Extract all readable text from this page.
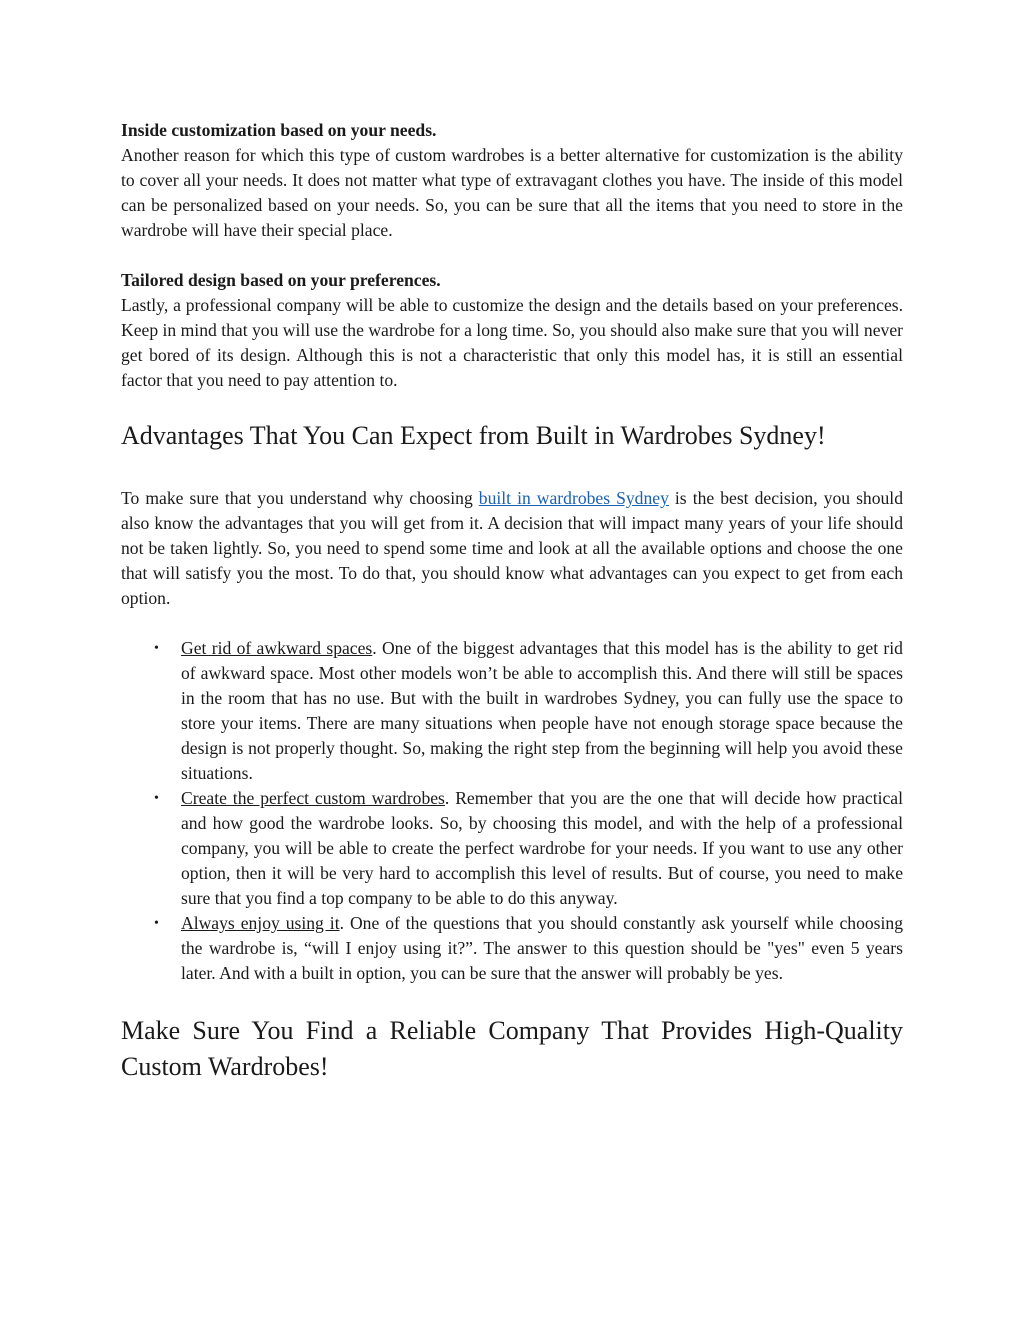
Inside customization based on your needs.

Another reason for which this type of custom wardrobes is a better alternative for customization is the ability to cover all your needs. It does not matter what type of extravagant clothes you have. The inside of this model can be personalized based on your needs. So, you can be sure that all the items that you need to store in the wardrobe will have their special place.

Tailored design based on your preferences.

Lastly, a professional company will be able to customize the design and the details based on your preferences. Keep in mind that you will use the wardrobe for a long time. So, you should also make sure that you will never get bored of its design. Although this is not a characteristic that only this model has, it is still an essential factor that you need to pay attention to.

Advantages That You Can Expect from Built in Wardrobes Sydney!

To make sure that you understand why choosing built in wardrobes Sydney is the best decision, you should also know the advantages that you will get from it. A decision that will impact many years of your life should not be taken lightly. So, you need to spend some time and look at all the available options and choose the one that will satisfy you the most. To do that, you should know what advantages can you expect to get from each option.

• Get rid of awkward spaces. One of the biggest advantages that this model has is the ability to get rid of awkward space. Most other models won’t be able to accomplish this. And there will still be spaces in the room that has no use. But with the built in wardrobes Sydney, you can fully use the space to store your items. There are many situations when people have not enough storage space because the design is not properly thought. So, making the right step from the beginning will help you avoid these situations.
• Create the perfect custom wardrobes. Remember that you are the one that will decide how practical and how good the wardrobe looks. So, by choosing this model, and with the help of a professional company, you will be able to create the perfect wardrobe for your needs. If you want to use any other option, then it will be very hard to accomplish this level of results. But of course, you need to make sure that you find a top company to be able to do this anyway.
• Always enjoy using it. One of the questions that you should constantly ask yourself while choosing the wardrobe is, “will I enjoy using it?”. The answer to this question should be "yes" even 5 years later. And with a built in option, you can be sure that the answer will probably be yes.
Make Sure You Find a Reliable Company That Provides High-Quality Custom Wardrobes!
